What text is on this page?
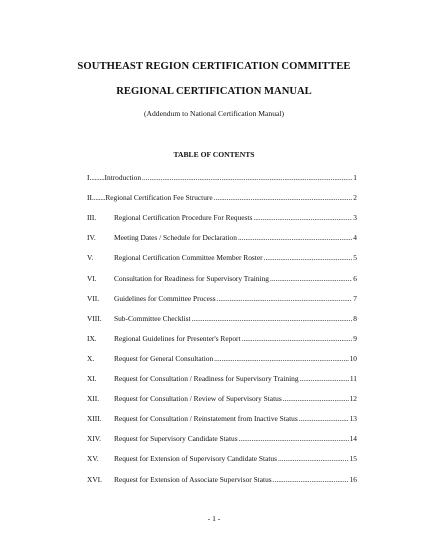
SOUTHEAST REGION CERTIFICATION COMMITTEE
REGIONAL CERTIFICATION MANUAL
(Addendum to National Certification Manual)
TABLE OF CONTENTS
I. ........ Introduction .....	1
II. ....... Regional Certification Fee Structure .....	2
III.	Regional Certification Procedure For Requests .....	3
IV.	Meeting Dates / Schedule for Declaration .....	4
V.	Regional Certification Committee Member Roster .....	5
VI.	Consultation for Readiness for Supervisory Training .....	6
VII.	Guidelines for Committee Process .....	7
VIII.	Sub-Committee Checklist .....	8
IX.	Regional Guidelines for Presenter's Report .....	9
X.	Request for General Consultation .....	10
XI.	Request for Consultation / Readiness for Supervisory Training .....	11
XII.	Request for Consultation / Review of Supervisory Status .....	12
XIII.	Request for Consultation / Reinstatement from Inactive Status .....	13
XIV.	Request for Supervisory Candidate Status .....	14
XV.	Request for Extension of Supervisory Candidate Status .....	15
XVI.	Request for Extension of Associate Supervisor Status .....	16
- 1 -
